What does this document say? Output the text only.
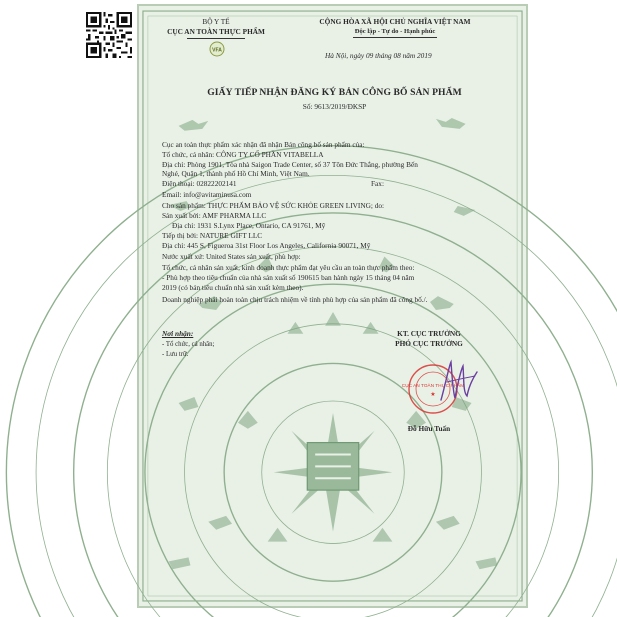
BỘ Y TẾ
CỤC AN TOÀN THỰC PHẨM
VFA
CỘNG HÒA XÃ HỘI CHỦ NGHĨA VIỆT NAM
Độc lập - Tự do - Hạnh phúc
Hà Nội, ngày 09 tháng 08 năm 2019
GIẤY TIẾP NHẬN ĐĂNG KÝ BẢN CÔNG BỐ SẢN PHẨM
Số: 9613/2019/ĐKSP
Cục an toàn thực phẩm xác nhận đã nhận Bản công bố sản phẩm của:
Tổ chức, cá nhân: CÔNG TY CỔ PHẦN VITABELLA
Địa chỉ: Phòng 1901, Tòa nhà Saigon Trade Center, số 37 Tôn Đức Thắng, phường Bến
Nghé, Quận 1, thành phố Hồ Chí Minh, Việt Nam.
Điện thoại: 02822202141	Fax:
Email: info@avitaminusa.com
Cho sản phẩm: THỰC PHẨM BẢO VỆ SỨC KHỎE GREEN LIVING; do:
Sản xuất bởi: AMF PHARMA LLC
Địa chỉ: 1931 S.Lynx Place, Ontario, CA 91761, Mỹ
Tiếp thị bởi: NATURE GIFT LLC
Địa chỉ: 445 S, Figueroa 31st Floor Los Angeles, California 90071, Mỹ
Nước xuất xứ: United States sản xuất, phù hợp:
Tổ chức, cá nhân sản xuất, kinh doanh thực phẩm đạt yêu cầu an toàn thực phẩm theo:
- Phù hợp theo tiêu chuẩn của nhà sản xuất số 190615 ban hành ngày 15 tháng 04 năm
2019 (có bản tiêu chuẩn nhà sản xuất kèm theo).
Doanh nghiệp phải hoàn toàn chịu trách nhiệm về tính phù hợp của sản phẩm đã công bố./.
Nơi nhận:
- Tổ chức, cá nhân;
- Lưu trữ.
KT. CỤC TRƯỞNG
PHÓ CỤC TRƯỞNG
CỤC AN TOÀN THỰC PHẨM
★
Đỗ Hữu Tuấn
